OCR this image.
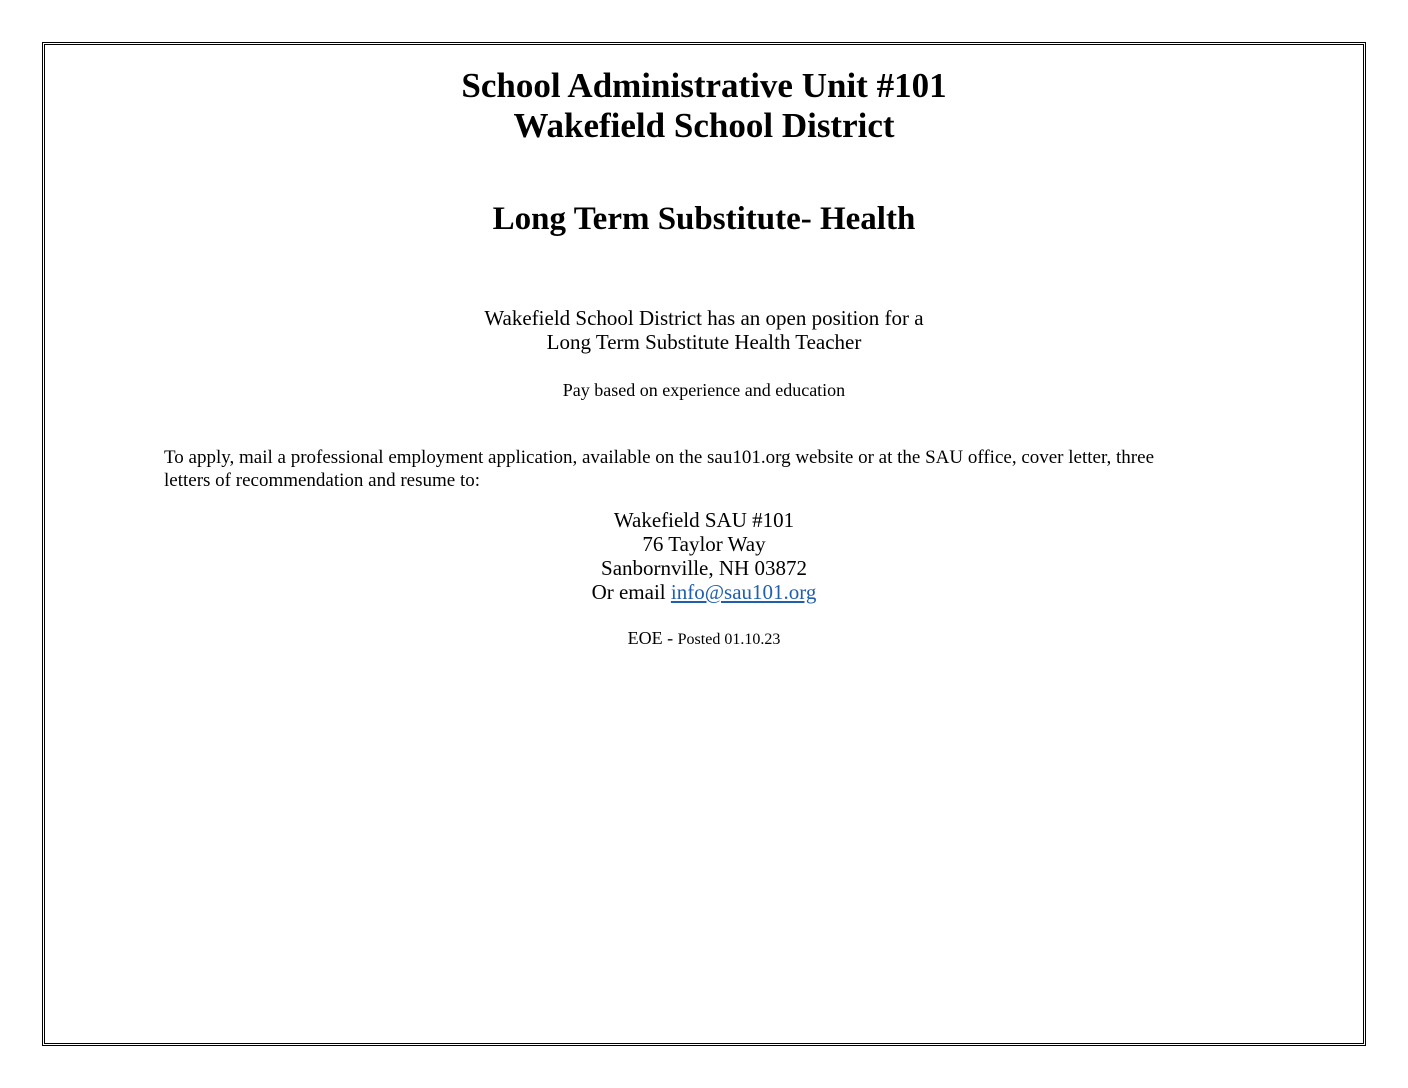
School Administrative Unit #101
Wakefield School District
Long Term Substitute- Health
Wakefield School District has an open position for a
Long Term Substitute Health Teacher
Pay based on experience and education
To apply, mail a professional employment application, available on the sau101.org website or at the SAU office, cover letter, three
letters of recommendation and resume to:
Wakefield SAU #101
76 Taylor Way
Sanbornville, NH 03872
Or email info@sau101.org
EOE - Posted 01.10.23
